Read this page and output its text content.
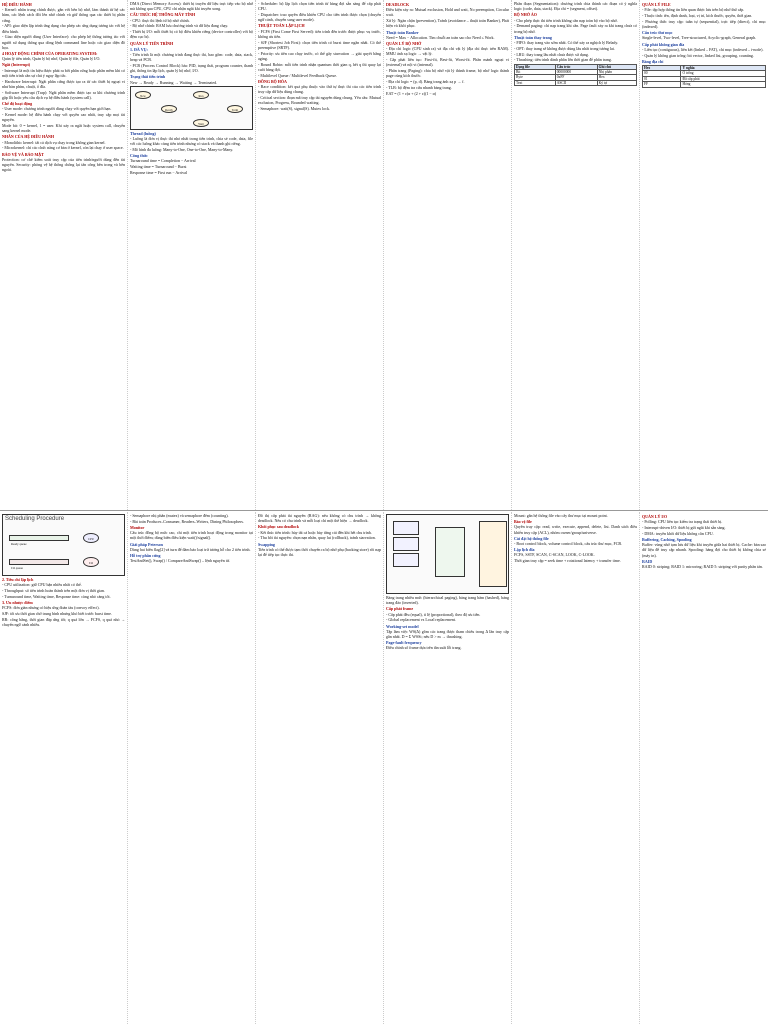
HỆ ĐIỀU HÀNH

- Kernel: nhân trung chính được, gắn với bên bộ nhớ, làm thành từ hệ các hàm, các lệnh cách đối lên nhớ chỉnh và giữ thông qua các thiết bị phần cứng.

- API: giao diện lập trình ứng dụng cho phép các ứng dụng tương tác với hệ điều hành.

- Giao diện người dùng (User Interface): cho phép hệ thống tương tác với người sử dụng thông qua dòng lệnh command line hoặc các giao diện đồ họa.

4 HOẠT ĐỘNG CHÍNH CỦA OPERATING SYSTEM:

Quản lý tiến trình, Quản lý bộ nhớ, Quản lý file, Quản lý I/O.

Ngắt (Interrupt)

- Interrupt là một tín hiệu được phát ra bởi phần cứng hoặc phần mềm khi có một tiến trình cần sự chú ý ngay lập tức.

- Hardware Interrupt: Ngắt phần cứng được tạo ra từ các thiết bị ngoại vi như bàn phím, chuột, ổ đĩa.

- Software Interrupt (Trap): Ngắt phần mềm được tạo ra khi chương trình gặp lỗi hoặc yêu cầu dịch vụ hệ điều hành (system call).

Chế độ hoạt động

- User mode: chương trình người dùng chạy với quyền hạn giới hạn.

- Kernel mode: hệ điều hành chạy với quyền cao nhất, truy cập mọi tài nguyên.

Mode bit: 0 = kernel, 1 = user. Khi xảy ra ngắt hoặc system call, chuyển sang kernel mode.

NHÂN CỦA HỆ ĐIỀU HÀNH

- Monolithic kernel: tất cả dịch vụ chạy trong không gian kernel.

- Microkernel: chỉ các chức năng cơ bản ở kernel, còn lại chạy ở user space.

BẢO VỆ VÀ BẢO MẬT

Protection: cơ chế kiểm soát truy cập của tiến trình/người dùng đến tài nguyên. Security: phòng vệ hệ thống chống lại tấn công bên trong và bên ngoài.

DMA (Direct Memory Access): thiết bị truyền dữ liệu trực tiếp vào bộ nhớ mà không qua CPU, CPU chỉ nhận ngắt khi truyền xong.

CẤU TRÚC HỆ THỐNG MÁY TÍNH

- CPU: thực thi lệnh từ bộ nhớ chính.

- Bộ nhớ chính: RAM lưu chương trình và dữ liệu đang chạy.

- Thiết bị I/O: mỗi thiết bị có bộ điều khiển riêng (device controller) với bộ đệm cục bộ.

QUẢN LÝ TIẾN TRÌNH
1. ĐÃ VỤ:

- Tiến trình là một chương trình đang thực thi, bao gồm: code, data, stack, heap và PCB.

- PCB (Process Control Block) lưu: PID, trạng thái, program counter, thanh ghi, thông tin lập lịch, quản lý bộ nhớ, I/O.

Trạng thái tiến trình

New → Ready → Running → Waiting → Terminated.

New
Ready
Run
Term
Wait
Thread (luồng)

- Luồng là đơn vị thực thi nhỏ nhất trong tiến trình, chia sẻ code, data, file với các luồng khác cùng tiến trình nhưng có stack và thanh ghi riêng.

- Mô hình đa luồng: Many-to-One, One-to-One, Many-to-Many.

Công thức

Turnaround time = Completion − Arrival

Waiting time = Turnaround − Burst

Response time = First run − Arrival

- Scheduler: bộ lập lịch chọn tiến trình từ hàng đợi sẵn sàng để cấp phát CPU.

- Dispatcher: trao quyền điều khiển CPU cho tiến trình được chọn (chuyển ngữ cảnh, chuyển sang user mode).

THUẬT TOÁN LẬP LỊCH

- FCFS (First Come First Served): tiến trình đến trước được phục vụ trước, không ưu tiên.

- SJF (Shortest Job First): chọn tiến trình có burst time ngắn nhất. Có thể preemptive (SRTF).

- Priority: ưu tiên cao chạy trước, có thể gây starvation → giải quyết bằng aging.

- Round Robin: mỗi tiến trình nhận quantum thời gian q, hết q thì quay lại cuối hàng đợi.

- Multilevel Queue / Multilevel Feedback Queue.

ĐỒNG BỘ HÓA

- Race condition: kết quả phụ thuộc vào thứ tự thực thi của các tiến trình truy cập dữ liệu dùng chung.

- Critical section: đoạn mã truy cập tài nguyên dùng chung. Yêu cầu: Mutual exclusion, Progress, Bounded waiting.

- Semaphore: wait(S), signal(S). Mutex lock.

DEADLOCK

Điều kiện xảy ra: Mutual exclusion, Hold and wait, No preemption, Circular wait.

Xử lý: Ngăn chặn (prevention), Tránh (avoidance – thuật toán Banker), Phát hiện và khôi phục.

Thuật toán Banker

Need = Max − Allocation. Tìm chuỗi an toàn sao cho Need ≤ Work.

QUẢN LÝ BỘ NHỚ

- Địa chỉ logic (CPU sinh ra) và địa chỉ vật lý (địa chỉ thực trên RAM). MMU ánh xạ logic → vật lý.

- Cấp phát liên tục: First-fit, Best-fit, Worst-fit. Phân mảnh ngoại vi (external) và nội vi (internal).

- Phân trang (Paging): chia bộ nhớ vật lý thành frame, bộ nhớ logic thành page cùng kích thước.

- Địa chỉ logic = (p, d). Bảng trang ánh xạ p → f.

- TLB: bộ đệm tra cứu nhanh bảng trang.

EAT = (1 + ε)α + (2 + ε)(1 − α)

Phân đoạn (Segmentation): chương trình chia thành các đoạn có ý nghĩa logic (code, data, stack). Địa chỉ = (segment, offset).

BỘ NHỚ ẢO

- Cho phép thực thi tiến trình không cần nạp toàn bộ vào bộ nhớ.

- Demand paging: chỉ nạp trang khi cần. Page fault xảy ra khi trang chưa có trong bộ nhớ.

Thuật toán thay trang

- FIFO: thay trang vào sớm nhất. Có thể xảy ra nghịch lý Belady.

- OPT: thay trang sẽ không được dùng lâu nhất trong tương lai.

- LRU: thay trang lâu nhất chưa được sử dụng.

- Thrashing: tiến trình dành phần lớn thời gian để phân trang.

Dạng file	Cấu trúc	Ghi chú
Bit	00000000	Nhị phân
Byte	0xFF	Hex
Text	ASCII	Ký tự
QUẢN LÝ FILE

- File: tập hợp thông tin liên quan được lưu trên bộ nhớ thứ cấp.

- Thuộc tính: tên, định danh, loại, vị trí, kích thước, quyền, thời gian.

- Phương thức truy cập: tuần tự (sequential), trực tiếp (direct), chỉ mục (indexed).

Cấu trúc thư mục

Single-level, Two-level, Tree-structured, Acyclic-graph, General graph.

Cấp phát không gian đĩa

- Liên tục (contiguous), liên kết (linked – FAT), chỉ mục (indexed – i-node).

- Quản lý không gian trống: bit vector, linked list, grouping, counting.

Bảng địa chỉ
Hex	Ý nghĩa
00	Ổ trống
01	Đã cấp phát
FF	Hỏng
Scheduling Procedure
Ready queue
CPU
I/O queue
I/O
2. Tiêu chí lập lịch

- CPU utilization: giữ CPU bận nhiều nhất có thể.

- Throughput: số tiến trình hoàn thành trên một đơn vị thời gian.

- Turnaround time, Waiting time, Response time: càng nhỏ càng tốt.

3. Ưu nhược điểm

FCFS: đơn giản nhưng có hiệu ứng đoàn tàu (convoy effect).

SJF: tối ưu thời gian chờ trung bình nhưng khó biết trước burst time.

RR: công bằng, thời gian đáp ứng tốt; q quá lớn → FCFS, q quá nhỏ → chuyển ngữ cảnh nhiều.

- Semaphore nhị phân (mutex) và semaphore đếm (counting).

- Bài toán Producer–Consumer, Readers–Writers, Dining Philosophers.

Monitor

Cấu trúc đồng bộ mức cao, chỉ một tiến trình hoạt động trong monitor tại một thời điểm; dùng biến điều kiện wait()/signal().

Giải pháp Peterson

Dùng hai biến flag[2] và turn để đảm bảo loại trừ tương hỗ cho 2 tiến trình.

Hỗ trợ phần cứng

TestAndSet(), Swap() / CompareAndSwap() – lệnh nguyên tử.

Đồ thị cấp phát tài nguyên (RAG): nếu không có chu trình → không deadlock. Nếu có chu trình và mỗi loại chỉ một thể hiện → deadlock.

Khôi phục sau deadlock

- Kết thúc tiến trình: hủy tất cả hoặc hủy từng cái đến khi hết chu trình.

- Thu hồi tài nguyên: chọn nạn nhân, quay lui (rollback), tránh starvation.

Swapping

Tiến trình có thể được tạm thời chuyển ra bộ nhớ phụ (backing store) rồi nạp lại để tiếp tục thực thi.

Bảng trang nhiều mức (hierarchical paging), bảng trang băm (hashed), bảng trang đảo (inverted).

Cấp phát frame

- Cấp phát đều (equal), tỉ lệ (proportional), theo độ ưu tiên.

- Global replacement vs Local replacement.

Working-set model

Tập làm việc WS(Δ) gồm các trang được tham chiếu trong Δ lần truy cập gần nhất. D = Σ WSSi; nếu D > m → thrashing.

Page-fault frequency

Điều chỉnh số frame dựa trên tần suất lỗi trang.

Mount: gắn hệ thống file vào cây thư mục tại mount point.

Bảo vệ file

Quyền truy cập: read, write, execute, append, delete, list. Danh sách điều khiển truy cập (ACL), nhóm owner/group/universe.

Cài đặt hệ thống file

- Boot control block, volume control block, cấu trúc thư mục, FCB.

Lập lịch đĩa

FCFS, SSTF, SCAN, C-SCAN, LOOK, C-LOOK.

Thời gian truy cập = seek time + rotational latency + transfer time.

QUẢN LÝ I/O

- Polling: CPU liên tục kiểm tra trạng thái thiết bị.

- Interrupt-driven I/O: thiết bị gửi ngắt khi sẵn sàng.

- DMA: truyền khối dữ liệu không cần CPU.

Buffering, Caching, Spooling

Buffer: vùng nhớ tạm lưu dữ liệu khi truyền giữa hai thiết bị. Cache: bản sao dữ liệu để truy cập nhanh. Spooling: hàng đợi cho thiết bị không chia sẻ (máy in).

RAID

RAID 0: striping; RAID 1: mirroring; RAID 5: striping với parity phân tán.
